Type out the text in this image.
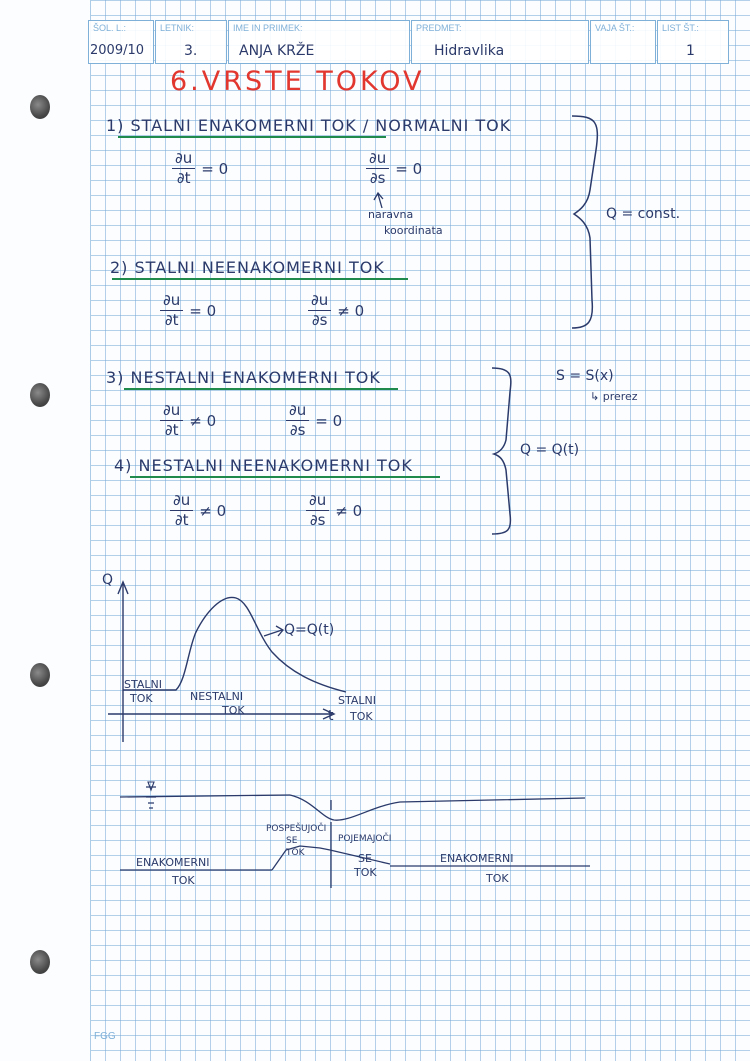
ŠOL. L.:
2009/10
LETNIK:
3.
IME IN PRIIMEK:
ANJA KRŽE
PREDMET:
Hidravlika
VAJA ŠT.:	LIST ŠT.:
1
6.VRSTE TOKOV
1) STALNI ENAKOMERNI TOK / NORMALNI TOK
$\frac{\partial u}{\partial t} = 0$	$\frac{\partial u}{\partial s} = 0$
naravna
koordinata
2) STALNI NEENAKOMERNI TOK
$\frac{\partial u}{\partial t} = 0$	$\frac{\partial u}{\partial s} \ne 0$
3) NESTALNI ENAKOMERNI TOK
$\frac{\partial u}{\partial t} \ne 0$	$\frac{\partial u}{\partial s} = 0$
4) NESTALNI NEENAKOMERNI TOK
$\frac{\partial u}{\partial t} \ne 0$	$\frac{\partial u}{\partial s} \ne 0$
Q = const.
S = S(x)
↳ prerez
Q = Q(t)
Q
t
Q=Q(t)
STALNI
TOK	NESTALNI
TOK
STALNI
TOK
ENAKOMERNI
TOK
POSPEŠUJOČI
SE
TOK
POJEMAJOČI
SE
TOK
ENAKOMERNI
TOK
FGG
